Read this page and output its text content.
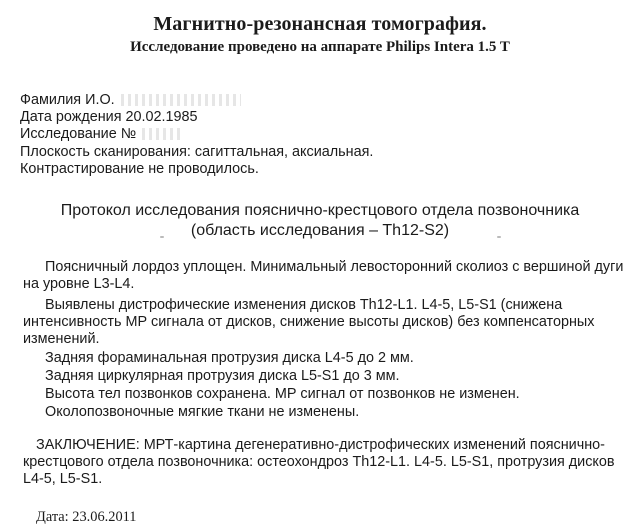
Магнитно-резонансная томография.
Исследование проведено на аппарате Philips Intera 1.5 T
Фамилия И.О.
Дата рождения 20.02.1985
Исследование №
Плоскость сканирования: сагиттальная, аксиальная.
Контрастирование не проводилось.
Протокол исследования пояснично-крестцового отдела позвоночника
(область исследования – Th12-S2)
Поясничный лордоз уплощен. Минимальный левосторонний сколиоз с вершиной дуги
на уровне L3-L4.
Выявлены дистрофические изменения дисков Th12-L1. L4-5, L5-S1 (снижена
интенсивность МР сигнала от дисков, снижение высоты дисков) без компенсаторных
изменений.
Задняя фораминальная протрузия диска L4-5 до 2 мм.
Задняя циркулярная протрузия диска L5-S1 до 3 мм.
Высота тел позвонков сохранена. МР сигнал от позвонков не изменен.
Околопозвоночные мягкие ткани не изменены.
ЗАКЛЮЧЕНИЕ: МРТ-картина дегенеративно-дистрофических изменений пояснично-
крестцового отдела позвоночника: остеохондроз Th12-L1. L4-5. L5-S1, протрузия дисков
L4-5, L5-S1.
Дата: 23.06.2011
